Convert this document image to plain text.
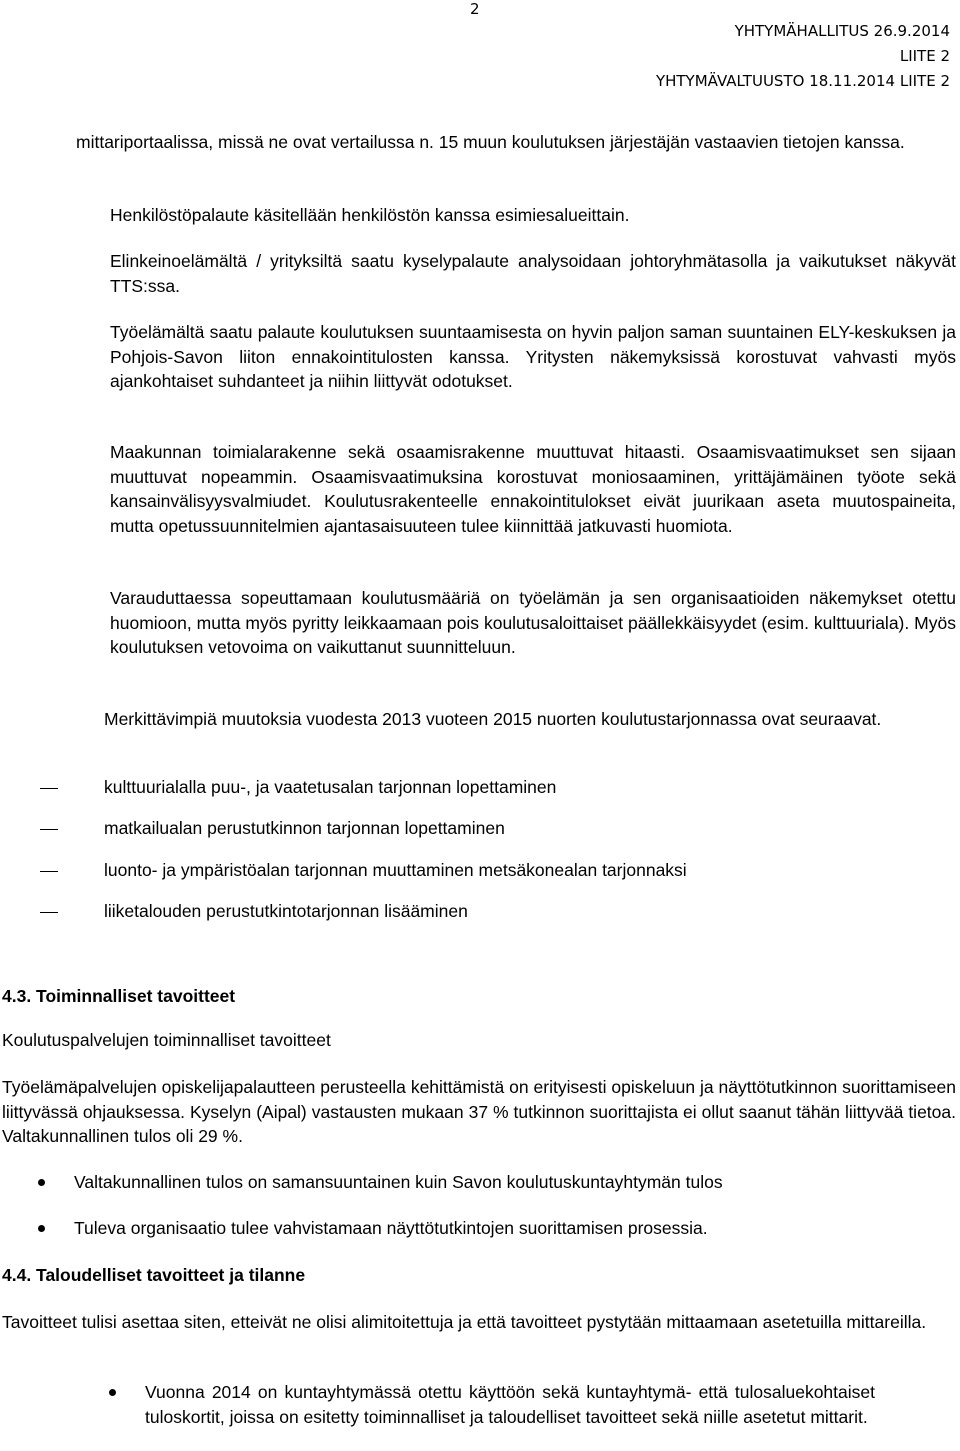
2
YHTYMÄHALLITUS 26.9.2014
LIITE 2
YHTYMÄVALTUUSTO 18.11.2014 LIITE 2

mittariportaalissa, missä ne ovat vertailussa n. 15 muun koulutuksen järjestäjän vastaavien tietojen kanssa.

Henkilöstöpalaute käsitellään henkilöstön kanssa esimiesalueittain.

Elinkeinoelämältä / yrityksiltä saatu kyselypalaute analysoidaan johtoryhmätasolla ja vaikutukset näkyvät TTS:ssa.

Työelämältä saatu palaute koulutuksen suuntaamisesta on hyvin paljon saman suuntainen ELY-keskuksen ja Pohjois-Savon liiton ennakointitulosten kanssa. Yritysten näkemyksissä korostuvat vahvasti myös ajankohtaiset suhdanteet ja niihin liittyvät odotukset.

Maakunnan toimialarakenne sekä osaamisrakenne muuttuvat hitaasti. Osaamisvaatimukset sen sijaan muuttuvat nopeammin. Osaamisvaatimuksina korostuvat moniosaaminen, yrittäjämäinen työote sekä kansainvälisyysvalmiudet. Koulutusrakenteelle ennakointitulokset eivät juurikaan aseta muutospaineita, mutta opetussuunnitelmien ajantasaisuuteen tulee kiinnittää jatkuvasti huomiota.

Varauduttaessa sopeuttamaan koulutusmääriä on työelämän ja sen organisaatioiden näkemykset otettu huomioon, mutta myös pyritty leikkaamaan pois koulutusaloittaiset päällekkäisyydet (esim. kulttuuriala). Myös koulutuksen vetovoima on vaikuttanut suunnitteluun.

Merkittävimpiä muutoksia vuodesta 2013 vuoteen 2015 nuorten koulutustarjonnassa ovat seuraavat.

kulttuurialalla puu-, ja vaatetusalan tarjonnan lopettaminen
matkailualan perustutkinnon tarjonnan lopettaminen
luonto- ja ympäristöalan tarjonnan muuttaminen metsäkonealan tarjonnaksi
liiketalouden perustutkintotarjonnan lisääminen
4.3. Toiminnalliset tavoitteet
Koulutuspalvelujen toiminnalliset tavoitteet

Työelämäpalvelujen opiskelijapalautteen perusteella kehittämistä on erityisesti opiskeluun ja näyttötutkinnon suorittamiseen liittyvässä ohjauksessa. Kyselyn (Aipal) vastausten mukaan 37 % tutkinnon suorittajista ei ollut saanut tähän liittyvää tietoa. Valtakunnallinen tulos oli 29 %.

Valtakunnallinen tulos on samansuuntainen kuin Savon koulutuskuntayhtymän tulos
Tuleva organisaatio tulee vahvistamaan näyttötutkintojen suorittamisen prosessia.
4.4. Taloudelliset tavoitteet ja tilanne

Tavoitteet tulisi asettaa siten, etteivät ne olisi alimitoitettuja ja että tavoitteet pystytään mittaamaan asetetuilla mittareilla.

Vuonna 2014 on kuntayhtymässä otettu käyttöön sekä kuntayhtymä- että tulosaluekohtaiset tuloskortit, joissa on esitetty toiminnalliset ja taloudelliset tavoitteet sekä niille asetetut mittarit.
